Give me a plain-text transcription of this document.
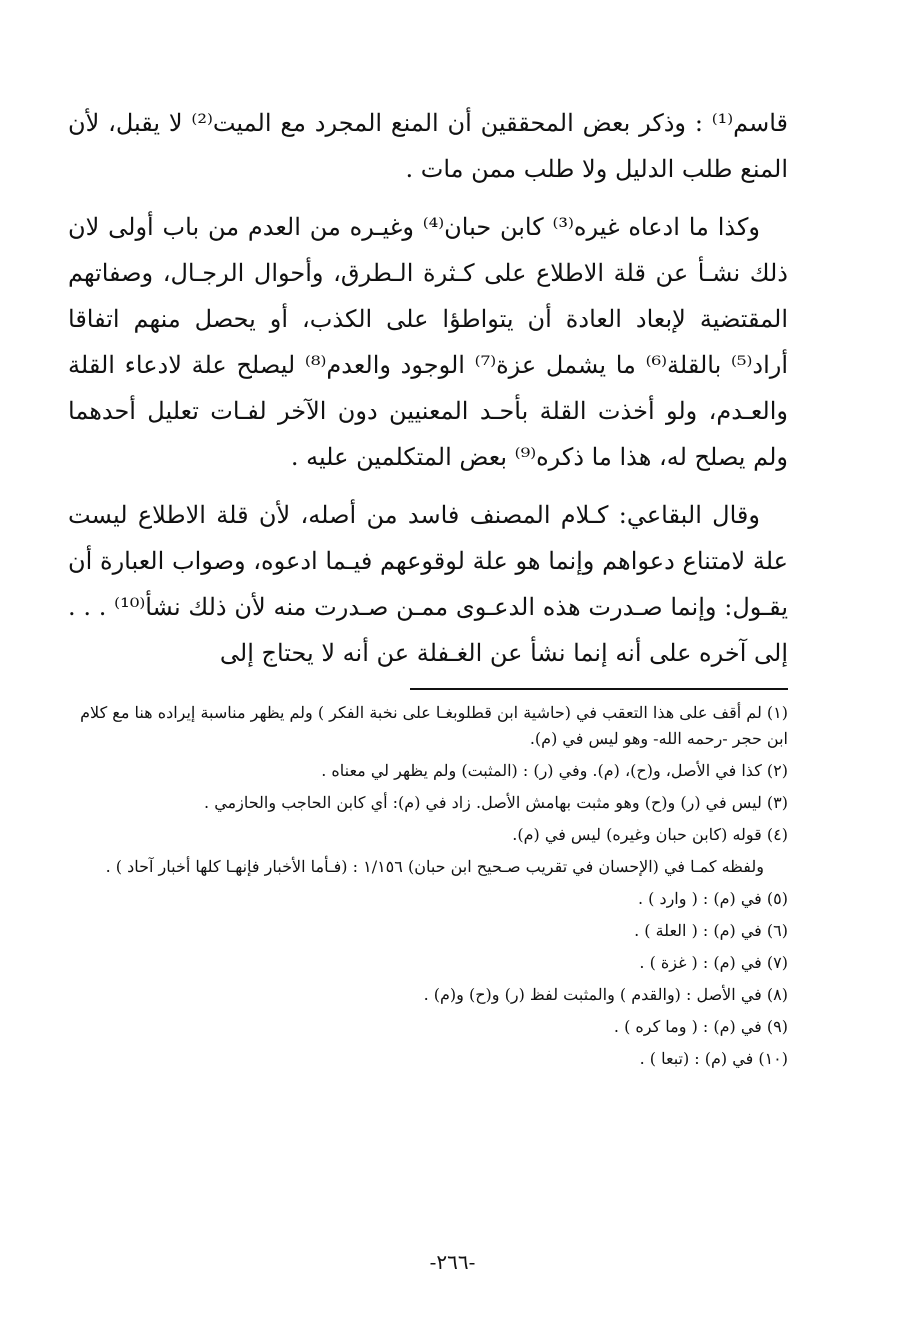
قاسم⁽¹⁾ : وذكر بعض المحققين أن المنع المجرد مع الميت⁽²⁾ لا يقبل، لأن المنع طلب الدليل ولا طلب ممن مات .

وكذا ما ادعاه غيره⁽³⁾ كابن حبان⁽⁴⁾ وغيـره من العدم من باب أولى لان ذلك نشـأ عن قلة الاطلاع على كـثرة الـطرق، وأحوال الرجـال، وصفاتهم المقتضية لإبعاد العادة أن يتواطؤا على الكذب، أو يحصل منهم اتفاقا أراد⁽⁵⁾ بالقلة⁽⁶⁾ ما يشمل عزة⁽⁷⁾ الوجود والعدم⁽⁸⁾ ليصلح علة لادعاء القلة والعـدم، ولو أخذت القلة بأحـد المعنيين دون الآخر لفـات تعليل أحدهما ولم يصلح له، هذا ما ذكره⁽⁹⁾ بعض المتكلمين عليه .

وقال البقاعي: كـلام المصنف فاسد من أصله، لأن قلة الاطلاع ليست علة لامتناع دعواهم وإنما هو علة لوقوعهم فيـما ادعوه، وصواب العبارة أن يقـول: وإنما صـدرت هذه الدعـوى ممـن صـدرت منه لأن ذلك نشأ⁽¹⁰⁾ . . . إلى آخره على أنه إنما نشأ عن الغـفلة عن أنه لا يحتاج إلى

(١) لم أقف على هذا التعقب في (حاشية ابن قطلوبغـا على نخبة الفكر ) ولم يظهر مناسبة إيراده هنا مع كلام ابن حجر -رحمه الله- وهو ليس في (م).

(٢) كذا في الأصل، و(ح)، (م). وفي (ر) : (المثبت) ولم يظهر لي معناه .

(٣) ليس في (ر) و(ح) وهو مثبت بهامش الأصل. زاد في (م): أي كابن الحاجب والحازمي .

(٤) قوله (كابن حبان وغيره) ليس في (م).

ولفظه كمـا في (الإحسان في تقريب صـحيح ابن حبان) ١/١٥٦ : (فـأما الأخبار فإنهـا كلها أخبار آحاد ) .

(٥) في (م) : ( وارد ) .

(٦) في (م) : ( العلة ) .

(٧) في (م) : ( غزة ) .

(٨) في الأصل : (والقدم ) والمثبت لفظ (ر) و(ح) و(م) .

(٩) في (م) : ( وما كره ) .

(١٠) في (م) : (تبعا ) .

-٢٦٦-
